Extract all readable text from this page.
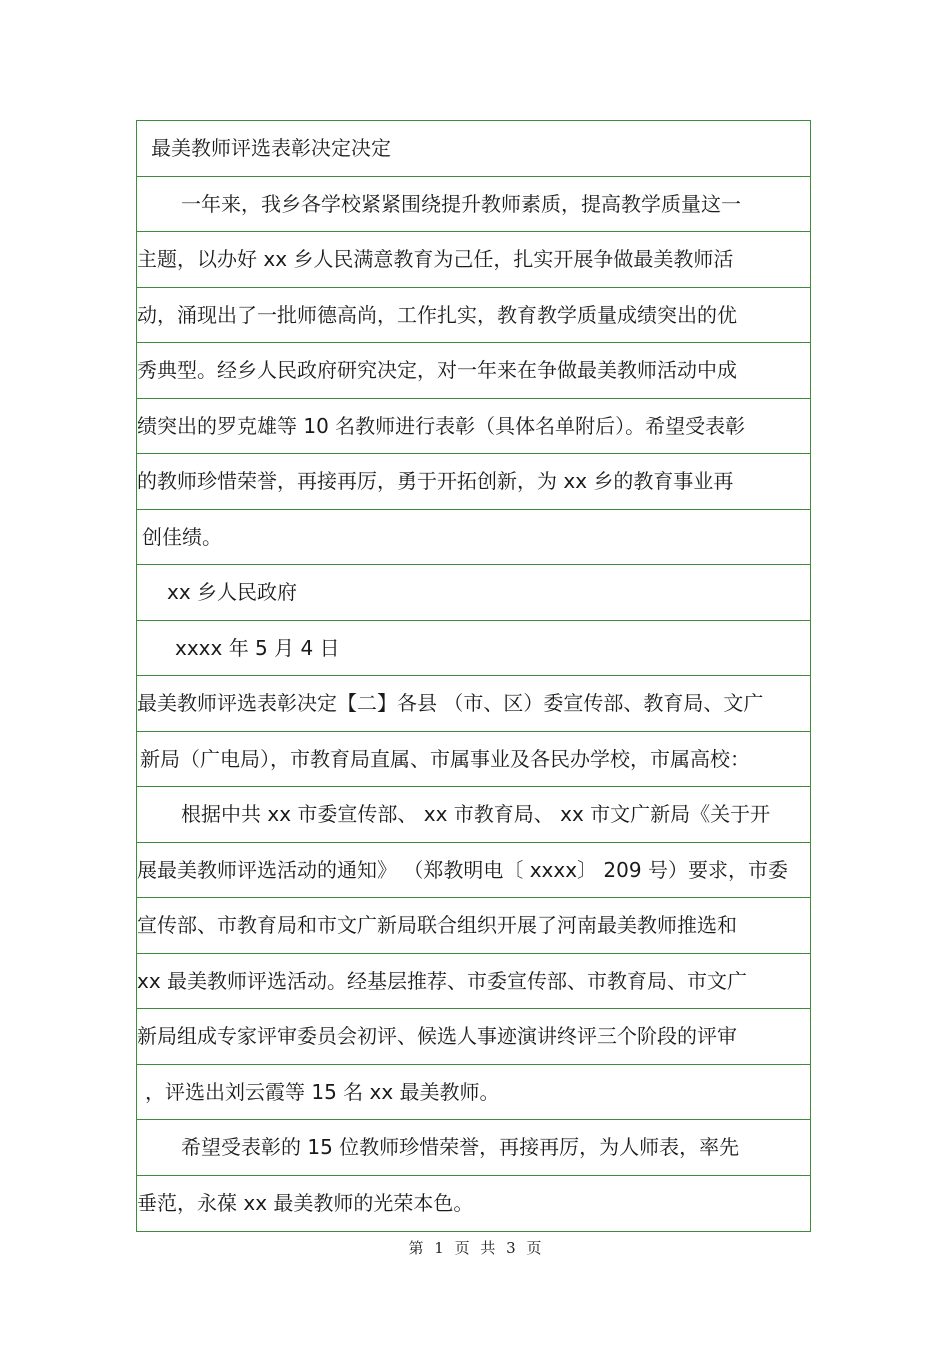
最美教师评选表彰决定决定
一年来，我乡各学校紧紧围绕提升教师素质，提高教学质量这一
主题，以办好 xx 乡人民满意教育为己任，扎实开展争做最美教师活
动，涌现出了一批师德高尚，工作扎实，教育教学质量成绩突出的优
秀典型。经乡人民政府研究决定，对一年来在争做最美教师活动中成
绩突出的罗克雄等 10 名教师进行表彰（具体名单附后）。希望受表彰
的教师珍惜荣誉，再接再厉，勇于开拓创新，为 xx 乡的教育事业再
创佳绩。
xx 乡人民政府
xxxx 年 5 月 4 日
最美教师评选表彰决定【二】各县 （市、区）委宣传部、教育局、文广
新局（广电局），市教育局直属、市属事业及各民办学校，市属高校：
根据中共 xx 市委宣传部、 xx 市教育局、 xx 市文广新局《关于开
展最美教师评选活动的通知》 （郑教明电〔 xxxx〕 209 号）要求，市委
宣传部、市教育局和市文广新局联合组织开展了河南最美教师推选和
xx 最美教师评选活动。经基层推荐、市委宣传部、市教育局、市文广
新局组成专家评审委员会初评、候选人事迹演讲终评三个阶段的评审
，评选出刘云霞等 15 名 xx 最美教师。
希望受表彰的 15 位教师珍惜荣誉，再接再厉，为人师表，率先
垂范，永葆 xx 最美教师的光荣本色。
第 1 页 共 3 页
